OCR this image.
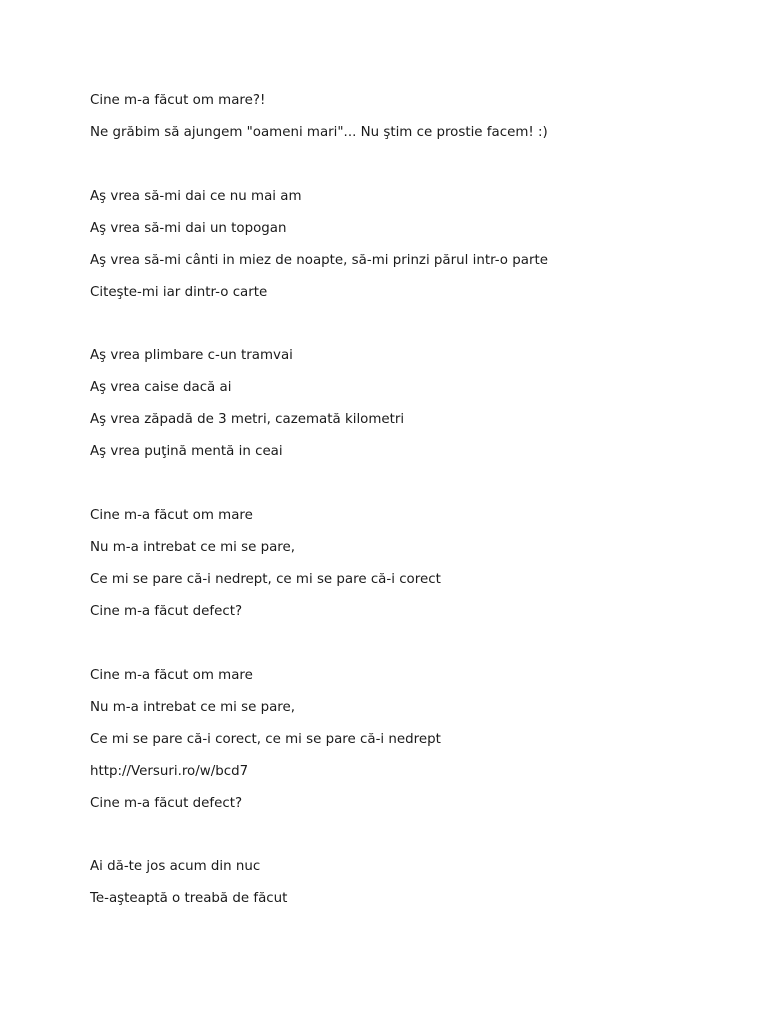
Cine m-a făcut om mare?!

Ne grăbim să ajungem "oameni mari"... Nu ştim ce prostie facem! :)

Aş vrea să-mi dai ce nu mai am

Aş vrea să-mi dai un topogan

Aş vrea să-mi cânti in miez de noapte, să-mi prinzi părul intr-o parte

Citeşte-mi iar dintr-o carte

Aş vrea plimbare c-un tramvai

Aş vrea caise dacă ai

Aş vrea zăpadă de 3 metri, cazemată kilometri

Aş vrea puţină mentă in ceai

Cine m-a făcut om mare

Nu m-a intrebat ce mi se pare,

Ce mi se pare că-i nedrept, ce mi se pare că-i corect

Cine m-a făcut defect?

Cine m-a făcut om mare

Nu m-a intrebat ce mi se pare,

Ce mi se pare că-i corect, ce mi se pare că-i nedrept

http://Versuri.ro/w/bcd7

Cine m-a făcut defect?

Ai dă-te jos acum din nuc

Te-aşteaptă o treabă de făcut
